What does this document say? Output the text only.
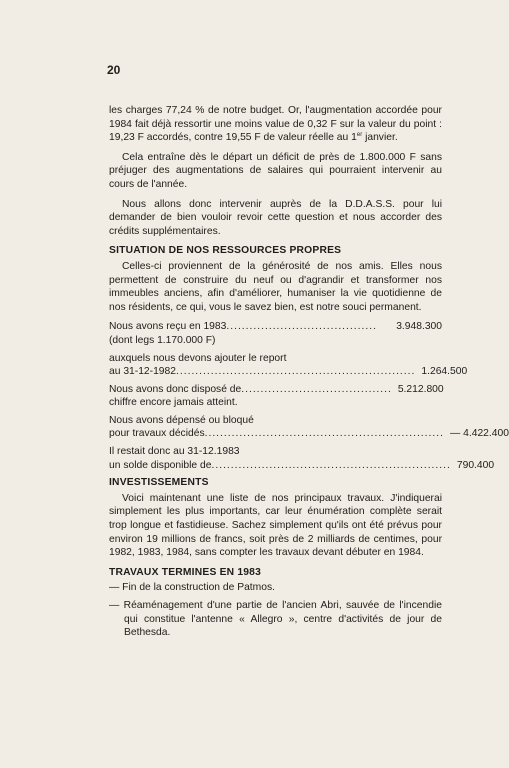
20

les charges 77,24 % de notre budget. Or, l'augmentation accordée pour 1984 fait déjà ressortir une moins value de 0,32 F sur la valeur du point : 19,23 F accordés, contre 19,55 F de valeur réelle au 1er janvier.

Cela entraîne dès le départ un déficit de près de 1.800.000 F sans préjuger des augmentations de salaires qui pourraient intervenir au cours de l'année.

Nous allons donc intervenir auprès de la D.D.A.S.S. pour lui demander de bien vouloir revoir cette question et nous accorder des crédits supplémentaires.

SITUATION DE NOS RESSOURCES PROPRES

Celles-ci proviennent de la générosité de nos amis. Elles nous permettent de construire du neuf ou d'agrandir et transformer nos immeubles anciens, afin d'améliorer, humaniser la vie quotidienne de nos résidents, ce qui, vous le savez bien, est notre souci permanent.

Nous avons reçu en 1983 .......................................	3.948.300
(dont legs 1.170.000 F)
auxquels nous devons ajouter le report
au 31-12-1982 .............................................................. 1.264.500
Nous avons donc disposé de ....................................... 5.212.800
chiffre encore jamais atteint.
Nous avons dépensé ou bloqué
pour travaux décidés .............................................................. — 4.422.400
Il restait donc au 31-12.1983
un solde disponible de .............................................................. 790.400
INVESTISSEMENTS

Voici maintenant une liste de nos principaux travaux. J'indiquerai simplement les plus importants, car leur énumération complète serait trop longue et fastidieuse. Sachez simplement qu'ils ont été prévus pour environ 19 millions de francs, soit près de 2 milliards de centimes, pour 1982, 1983, 1984, sans compter les travaux devant débuter en 1984.

TRAVAUX TERMINES EN 1983

— Fin de la construction de Patmos.

— Réaménagement d'une partie de l'ancien Abri, sauvée de l'incendie qui constitue l'antenne « Allegro », centre d'activités de jour de Bethesda.
